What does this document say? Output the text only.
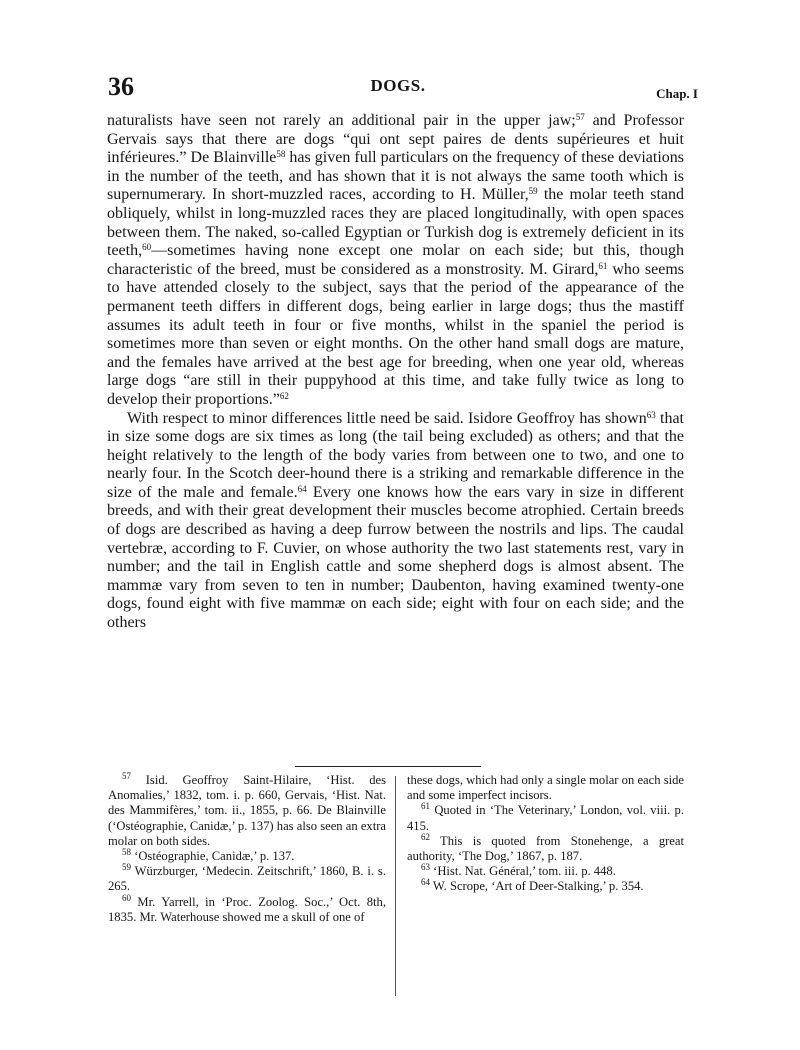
36	DOGS.	Chap. I

naturalists have seen not rarely an additional pair in the upper jaw;$^{57}$ and Professor Gervais says that there are dogs “qui ont sept paires de dents supérieures et huit inférieures.” De Blainville$^{58}$ has given full particulars on the frequency of these deviations in the number of the teeth, and has shown that it is not always the same tooth which is supernumerary. In short-muzzled races, according to H. Müller,$^{59}$ the molar teeth stand obliquely, whilst in long-muzzled races they are placed longitudinally, with open spaces between them. The naked, so-called Egyptian or Turkish dog is extremely deficient in its teeth,$^{60}$—sometimes having none except one molar on each side; but this, though characteristic of the breed, must be considered as a monstrosity. M. Girard,$^{61}$ who seems to have attended closely to the subject, says that the period of the appearance of the permanent teeth differs in different dogs, being earlier in large dogs; thus the mastiff assumes its adult teeth in four or five months, whilst in the spaniel the period is sometimes more than seven or eight months. On the other hand small dogs are mature, and the females have arrived at the best age for breeding, when one year old, whereas large dogs “are still in their puppyhood at this time, and take fully twice as long to develop their proportions.”$^{62}$

With respect to minor differences little need be said. Isidore Geoffroy has shown$^{63}$ that in size some dogs are six times as long (the tail being excluded) as others; and that the height relatively to the length of the body varies from between one to two, and one to nearly four. In the Scotch deer-hound there is a striking and remarkable difference in the size of the male and female.$^{64}$ Every one knows how the ears vary in size in different breeds, and with their great development their muscles become atrophied. Certain breeds of dogs are described as having a deep furrow between the nostrils and lips. The caudal vertebræ, according to F. Cuvier, on whose authority the two last statements rest, vary in number; and the tail in English cattle and some shepherd dogs is almost absent. The mammæ vary from seven to ten in number; Daubenton, having examined twenty-one dogs, found eight with five mammæ on each side; eight with four on each side; and the others

$^{57}$ Isid. Geoffroy Saint-Hilaire, ‘Hist. des Anomalies,’ 1832, tom. i. p. 660, Gervais, ‘Hist. Nat. des Mammifères,’ tom. ii., 1855, p. 66. De Blainville (‘Ostéographie, Canidæ,’ p. 137) has also seen an extra molar on both sides.

$^{58}$ ‘Ostéographie, Canidæ,’ p. 137.

$^{59}$ Würzburger, ‘Medecin. Zeitschrift,’ 1860, B. i. s. 265.

$^{60}$ Mr. Yarrell, in ‘Proc. Zoolog. Soc.,’ Oct. 8th, 1835. Mr. Waterhouse showed me a skull of one of

these dogs, which had only a single molar on each side and some imperfect incisors.

$^{61}$ Quoted in ‘The Veterinary,’ London, vol. viii. p. 415.

$^{62}$ This is quoted from Stonehenge, a great authority, ‘The Dog,’ 1867, p. 187.

$^{63}$ ‘Hist. Nat. Général,’ tom. iii. p. 448.

$^{64}$ W. Scrope, ‘Art of Deer-Stalking,’ p. 354.
